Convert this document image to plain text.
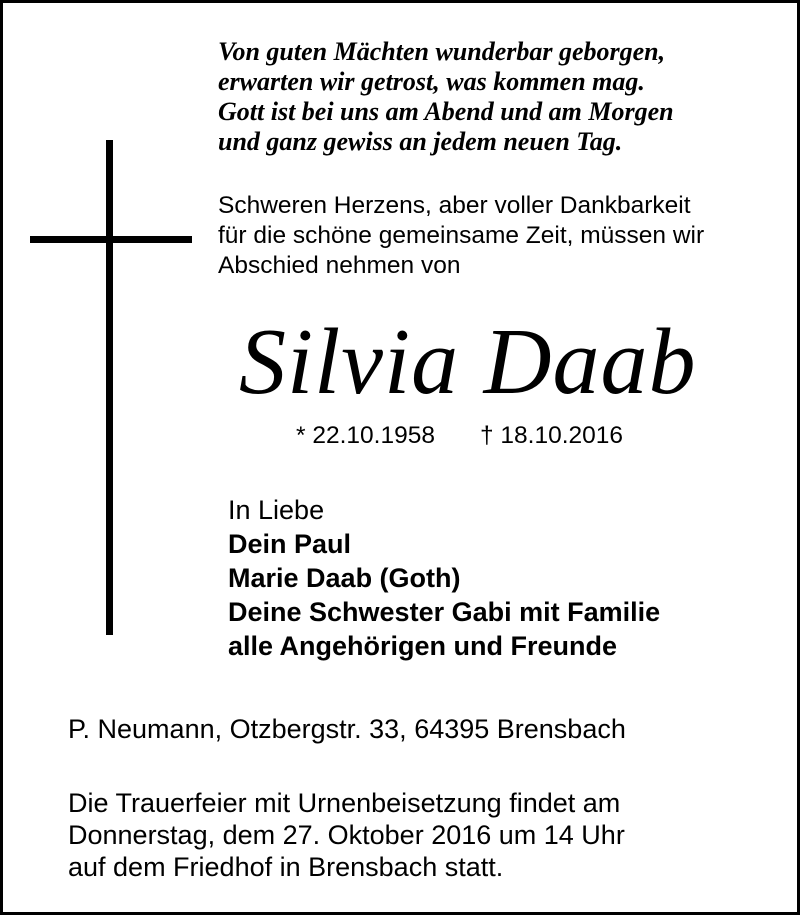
Von guten Mächten wunderbar geborgen,
erwarten wir getrost, was kommen mag.
Gott ist bei uns am Abend und am Morgen
und ganz gewiss an jedem neuen Tag.
Schweren Herzens, aber voller Dankbarkeit
für die schöne gemeinsame Zeit, müssen wir
Abschied nehmen von
Silvia Daab
* 22.10.1958 † 18.10.2016
In Liebe
Dein Paul
Marie Daab (Goth)
Deine Schwester Gabi mit Familie
alle Angehörigen und Freunde
P. Neumann, Otzbergstr. 33, 64395 Brensbach
Die Trauerfeier mit Urnenbeisetzung findet am
Donnerstag, dem 27. Oktober 2016 um 14 Uhr
auf dem Friedhof in Brensbach statt.
